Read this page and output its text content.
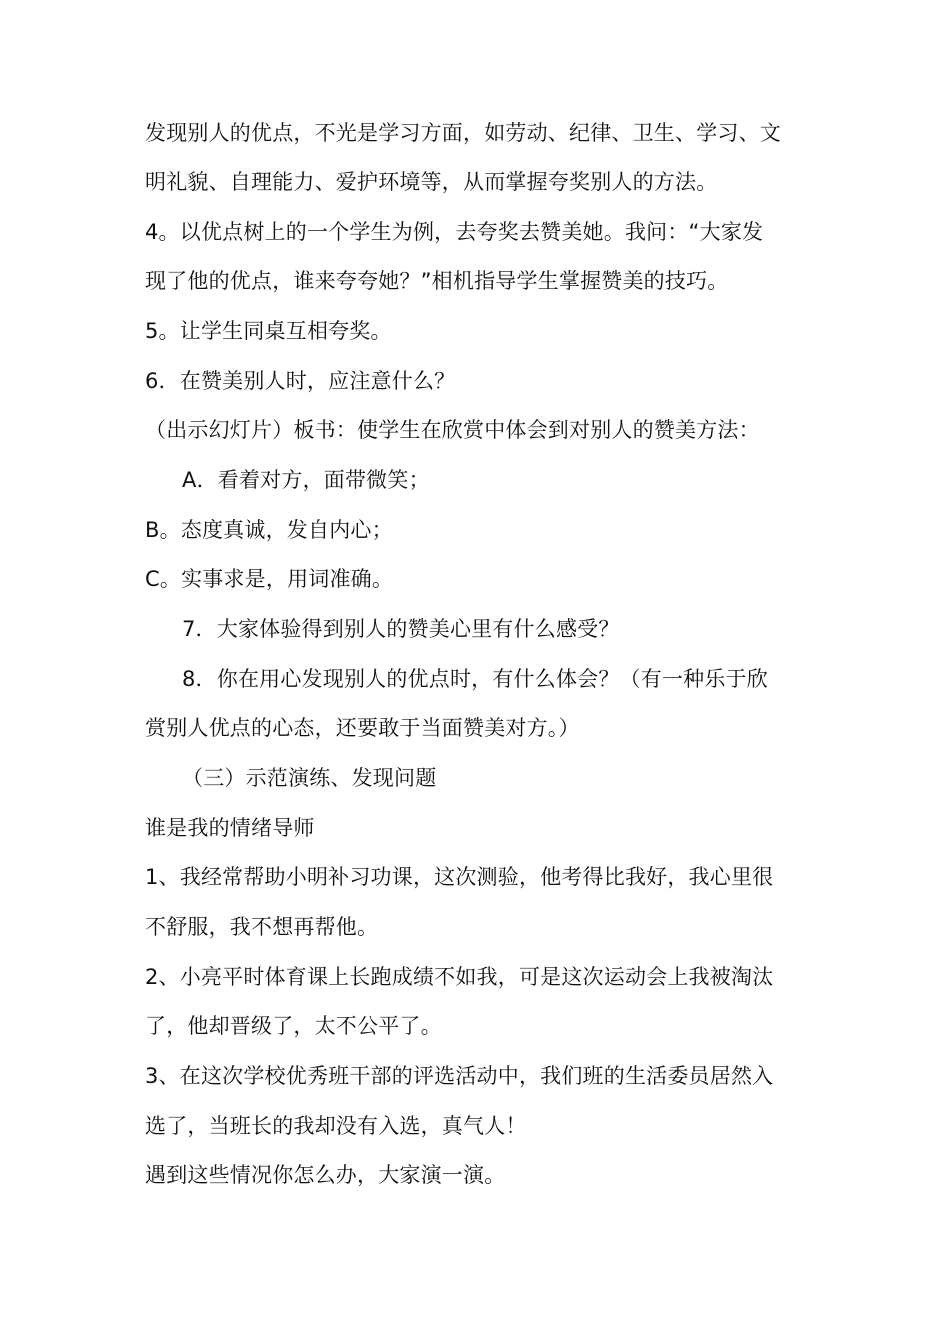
发现别人的优点，不光是学习方面，如劳动、纪律、卫生、学习、文
明礼貌、自理能力、爱护环境等，从而掌握夸奖别人的方法。
4。以优点树上的一个学生为例，去夸奖去赞美她。我问：“大家发
现了他的优点，谁来夸夸她？”相机指导学生掌握赞美的技巧。
5。让学生同桌互相夸奖。
6．在赞美别人时，应注意什么？
（出示幻灯片）板书：使学生在欣赏中体会到对别人的赞美方法：
A．看着对方，面带微笑；
B。态度真诚，发自内心；
C。实事求是，用词准确。
7．大家体验得到别人的赞美心里有什么感受？
8．你在用心发现别人的优点时，有什么体会？（有一种乐于欣
赏别人优点的心态，还要敢于当面赞美对方。）
（三）示范演练、发现问题
谁是我的情绪导师
1、我经常帮助小明补习功课，这次测验，他考得比我好，我心里很
不舒服，我不想再帮他。
2、小亮平时体育课上长跑成绩不如我，可是这次运动会上我被淘汰
了，他却晋级了，太不公平了。
3、在这次学校优秀班干部的评选活动中，我们班的生活委员居然入
选了，当班长的我却没有入选，真气人！
遇到这些情况你怎么办，大家演一演。
